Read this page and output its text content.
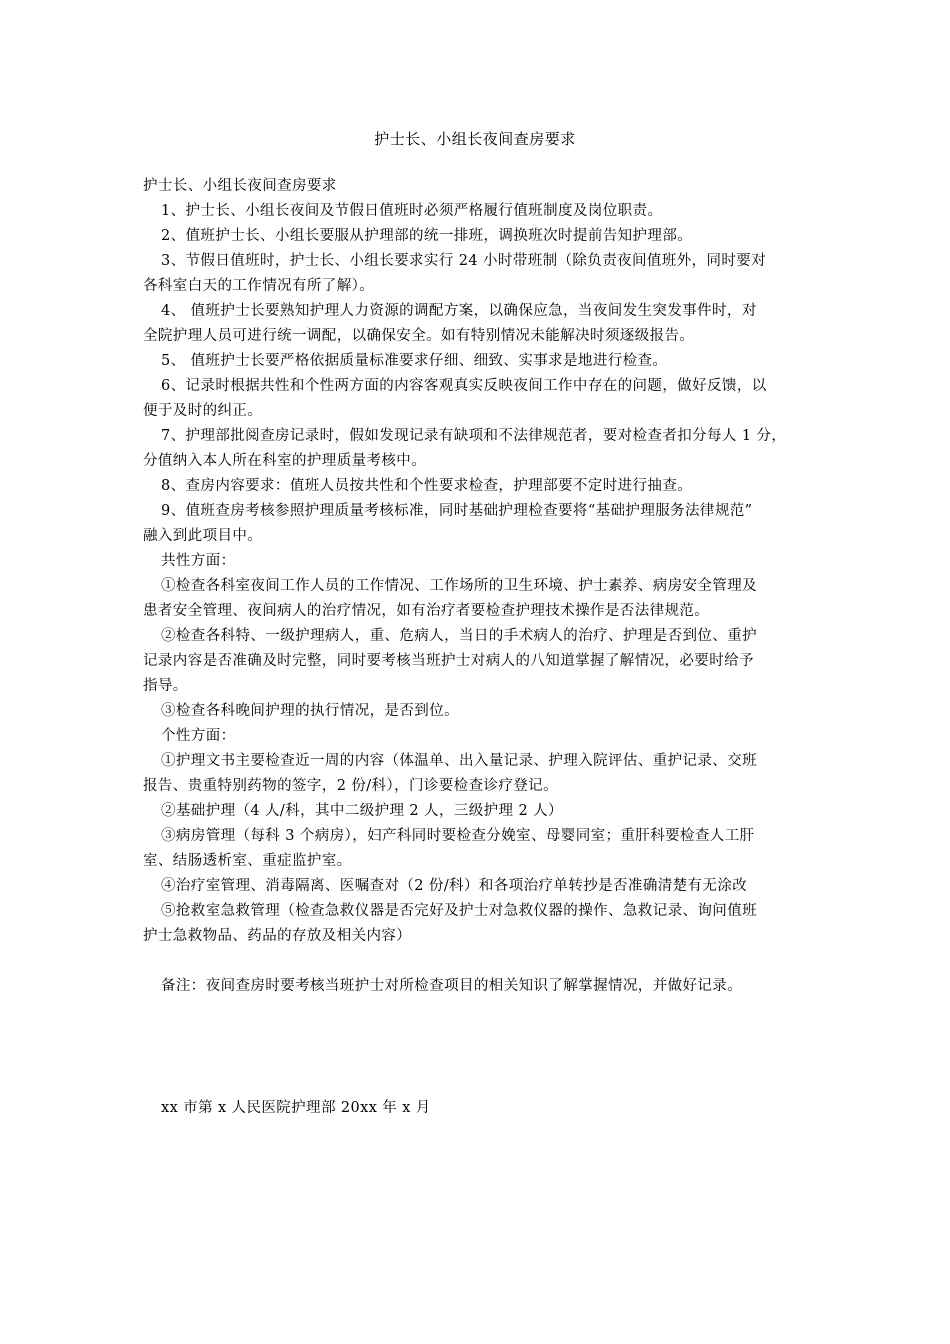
护士长、小组长夜间查房要求
护士长、小组长夜间查房要求
1、护士长、小组长夜间及节假日值班时必须严格履行值班制度及岗位职责。
2、值班护士长、小组长要服从护理部的统一排班，调换班次时提前告知护理部。
3、节假日值班时，护士长、小组长要求实行 24 小时带班制（除负责夜间值班外，同时要对
各科室白天的工作情况有所了解）。
4、 值班护士长要熟知护理人力资源的调配方案，以确保应急，当夜间发生突发事件时，对
全院护理人员可进行统一调配，以确保安全。如有特别情况未能解决时须逐级报告。
5、 值班护士长要严格依据质量标准要求仔细、细致、实事求是地进行检查。
6、记录时根据共性和个性两方面的内容客观真实反映夜间工作中存在的问题，做好反馈，以
便于及时的纠正。
7、护理部批阅查房记录时，假如发现记录有缺项和不法律规范者，要对检查者扣分每人 1 分，
分值纳入本人所在科室的护理质量考核中。
8、查房内容要求：值班人员按共性和个性要求检查，护理部要不定时进行抽查。
9、值班查房考核参照护理质量考核标准，同时基础护理检查要将“基础护理服务法律规范”
融入到此项目中。
共性方面：
①检查各科室夜间工作人员的工作情况、工作场所的卫生环境、护士素养、病房安全管理及
患者安全管理、夜间病人的治疗情况，如有治疗者要检查护理技术操作是否法律规范。
②检查各科特、一级护理病人，重、危病人，当日的手术病人的治疗、护理是否到位、重护
记录内容是否准确及时完整，同时要考核当班护士对病人的八知道掌握了解情况，必要时给予
指导。
③检查各科晚间护理的执行情况，是否到位。
个性方面：
①护理文书主要检查近一周的内容（体温单、出入量记录、护理入院评估、重护记录、交班
报告、贵重特别药物的签字，2 份/科），门诊要检查诊疗登记。
②基础护理（4 人/科，其中二级护理 2 人，三级护理 2 人）
③病房管理（每科 3 个病房），妇产科同时要检查分娩室、母婴同室；重肝科要检查人工肝
室、结肠透析室、重症监护室。
④治疗室管理、消毒隔离、医嘱查对（2 份/科）和各项治疗单转抄是否准确清楚有无涂改
⑤抢救室急救管理（检查急救仪器是否完好及护士对急救仪器的操作、急救记录、询问值班
护士急救物品、药品的存放及相关内容）
备注：夜间查房时要考核当班护士对所检查项目的相关知识了解掌握情况，并做好记录。
xx 市第 x 人民医院护理部 20xx 年 x 月
